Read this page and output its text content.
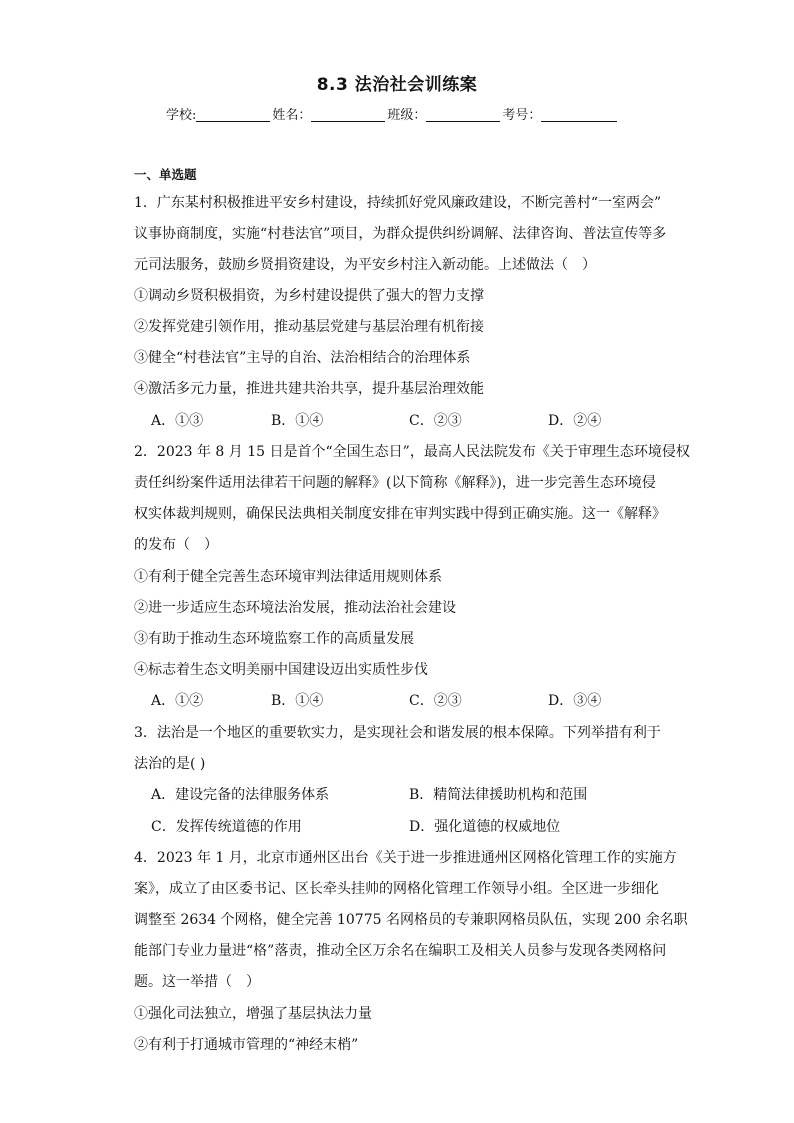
8.3 法治社会训练案
学校:	姓名：	班级：	考号：
一、单选题
1．广东某村积极推进平安乡村建设，持续抓好党风廉政建设，不断完善村“一室两会”
议事协商制度，实施“村巷法官”项目，为群众提供纠纷调解、法律咨询、普法宣传等多
元司法服务，鼓励乡贤捐资建设，为平安乡村注入新动能。上述做法（　）
①调动乡贤积极捐资，为乡村建设提供了强大的智力支撑
②发挥党建引领作用，推动基层党建与基层治理有机衔接
③健全“村巷法官”主导的自治、法治相结合的治理体系
④激活多元力量，推进共建共治共享，提升基层治理效能
A．①③	B．①④	C．②③	D．②④
2．2023 年 8 月 15 日是首个“全国生态日”，最高人民法院发布《关于审理生态环境侵权
责任纠纷案件适用法律若干问题的解释》(以下简称《解释》)，进一步完善生态环境侵
权实体裁判规则，确保民法典相关制度安排在审判实践中得到正确实施。这一《解释》
的发布（　）
①有利于健全完善生态环境审判法律适用规则体系
②进一步适应生态环境法治发展，推动法治社会建设
③有助于推动生态环境监察工作的高质量发展
④标志着生态文明美丽中国建设迈出实质性步伐
A．①②	B．①④	C．②③	D．③④
3．法治是一个地区的重要软实力，是实现社会和谐发展的根本保障。下列举措有利于
法治的是( )
A．建设完备的法律服务体系	B．精简法律援助机构和范围
C．发挥传统道德的作用	D．强化道德的权威地位
4．2023 年 1 月，北京市通州区出台《关于进一步推进通州区网格化管理工作的实施方
案》，成立了由区委书记、区长牵头挂帅的网格化管理工作领导小组。全区进一步细化
调整至 2634 个网格，健全完善 10775 名网格员的专兼职网格员队伍，实现 200 余名职
能部门专业力量进“格”落责，推动全区万余名在编职工及相关人员参与发现各类网格问
题。这一举措（　）
①强化司法独立，增强了基层执法力量
②有利于打通城市管理的“神经末梢”
